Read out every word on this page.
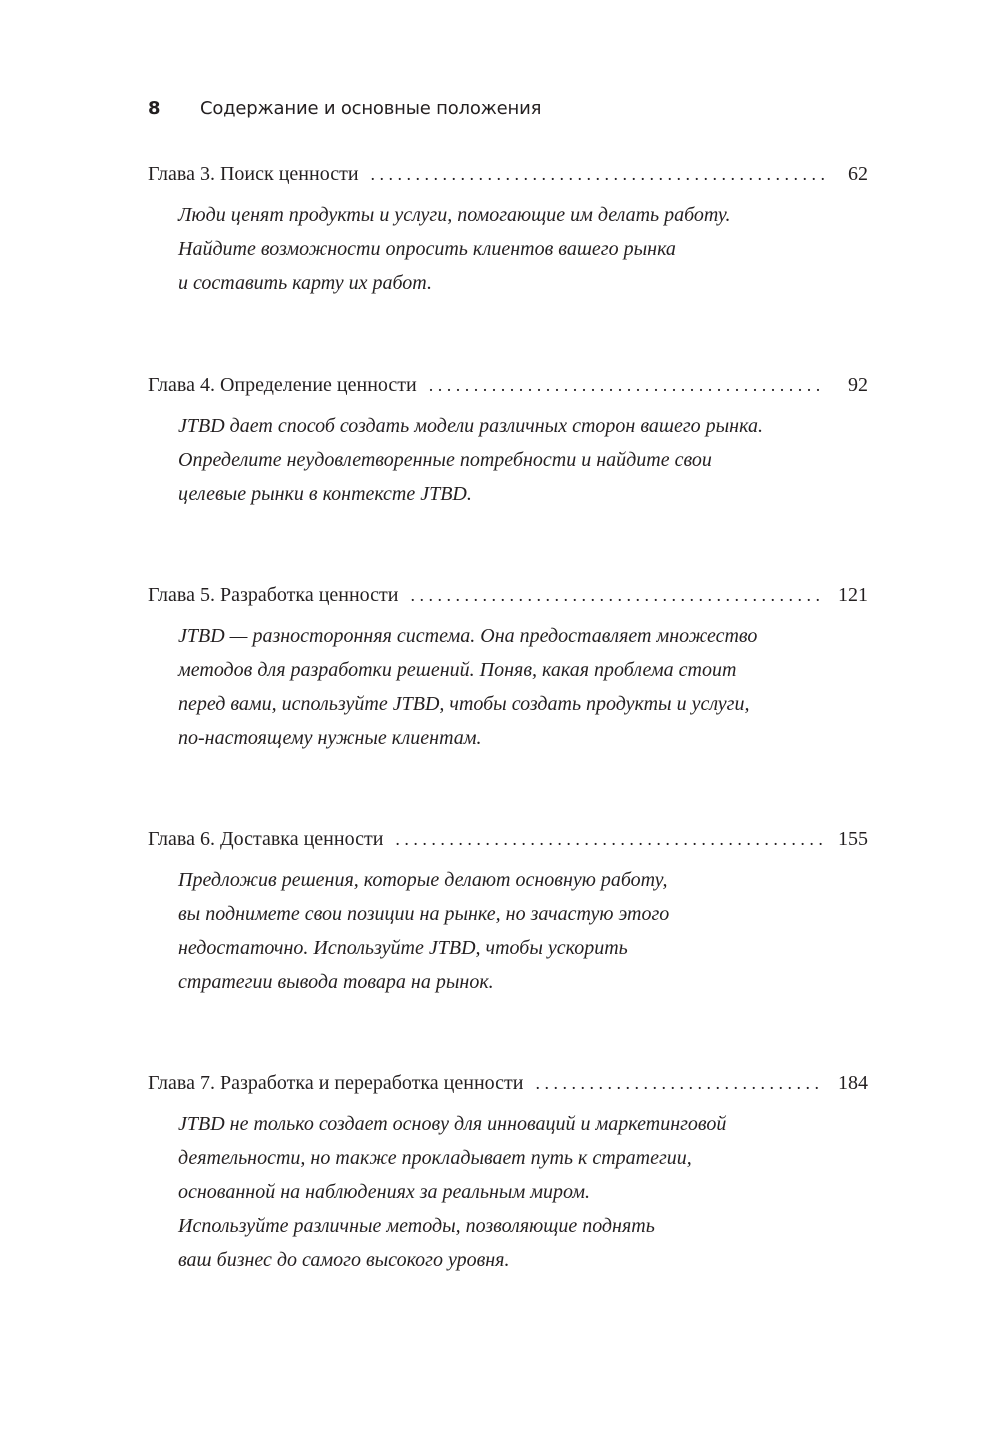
8	Содержание и основные положения
Глава 3. Поиск ценности . . .	62
Люди ценят продукты и услуги, помогающие им делать работу.
Найдите возможности опросить клиентов вашего рынка
и составить карту их работ.
Глава 4. Определение ценности . . .	92
JTBD дает способ создать модели различных сторон вашего рынка.
Определите неудовлетворенные потребности и найдите свои
целевые рынки в контексте JTBD.
Глава 5. Разработка ценности . . .	121
JTBD — разносторонняя система. Она предоставляет множество
методов для разработки решений. Поняв, какая проблема стоит
перед вами, используйте JTBD, чтобы создать продукты и услуги,
по-настоящему нужные клиентам.
Глава 6. Доставка ценности . . .	155
Предложив решения, которые делают основную работу,
вы поднимете свои позиции на рынке, но зачастую этого
недостаточно. Используйте JTBD, чтобы ускорить
стратегии вывода товара на рынок.
Глава 7. Разработка и переработка ценности . . .	184
JTBD не только создает основу для инноваций и маркетинговой
деятельности, но также прокладывает путь к стратегии,
основанной на наблюдениях за реальным миром.
Используйте различные методы, позволяющие поднять
ваш бизнес до самого высокого уровня.
